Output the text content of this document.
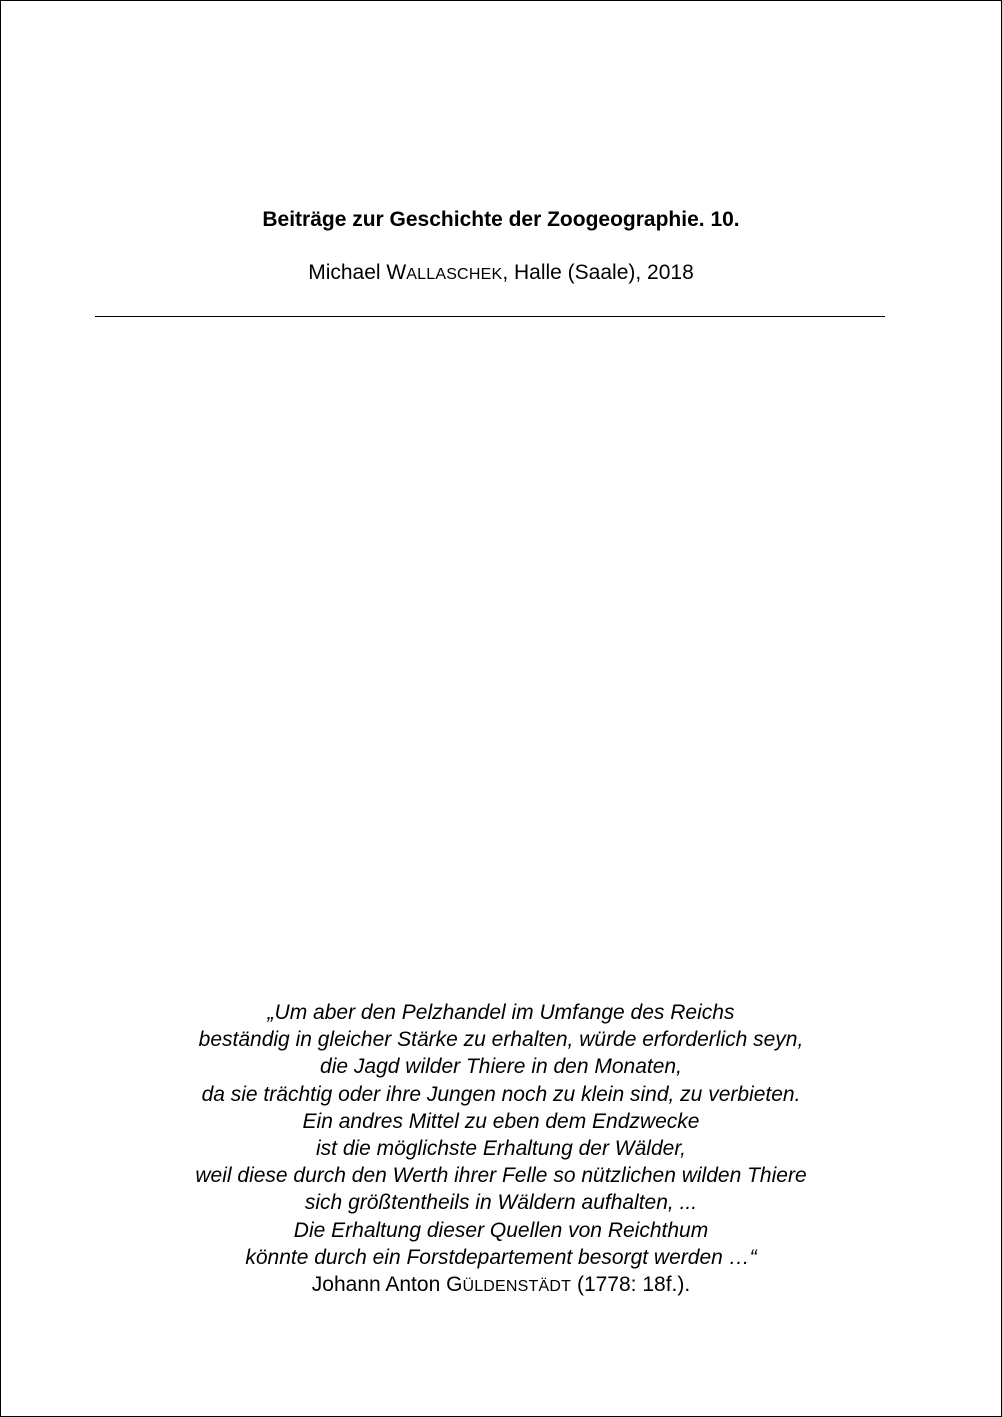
Beiträge zur Geschichte der Zoogeographie. 10.
Michael WALLASCHEK, Halle (Saale), 2018
„Um aber den Pelzhandel im Umfange des Reichs
beständig in gleicher Stärke zu erhalten, würde erforderlich seyn,
die Jagd wilder Thiere in den Monaten,
da sie trächtig oder ihre Jungen noch zu klein sind, zu verbieten.
Ein andres Mittel zu eben dem Endzwecke
ist die möglichste Erhaltung der Wälder,
weil diese durch den Werth ihrer Felle so nützlichen wilden Thiere
sich größtentheils in Wäldern aufhalten, ...
Die Erhaltung dieser Quellen von Reichthum
könnte durch ein Forstdepartement besorgt werden …“
Johann Anton GÜLDENSTÄDT (1778: 18f.).
